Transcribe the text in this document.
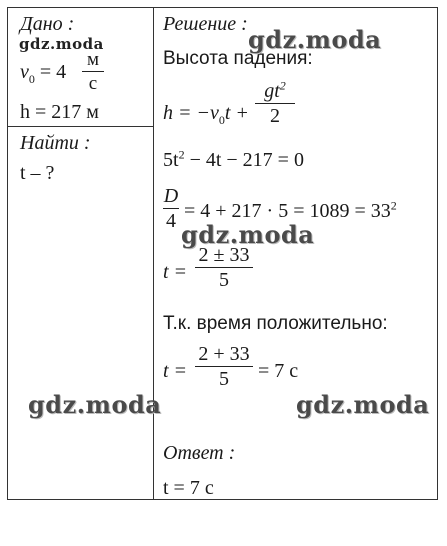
Дано :
gdz.moda
$v_0 = 4$
м
с
h = 217 м
Найти :
t – ?
Решение :
Высота падения:
$h = -v_0t$ +
$gt^2$
2
$5t^2 - 4t - 217 = 0$
D
$4 = 4 + 217 \cdot 5 = 1089 = 33^2$
t =
2 ± 33
5
Т.к. время положительно:
t =
2 + 33
5 = 7 с
Ответ :
t = 7 с
gdz.moda
gdz.moda
gdz.moda	gdz.moda
